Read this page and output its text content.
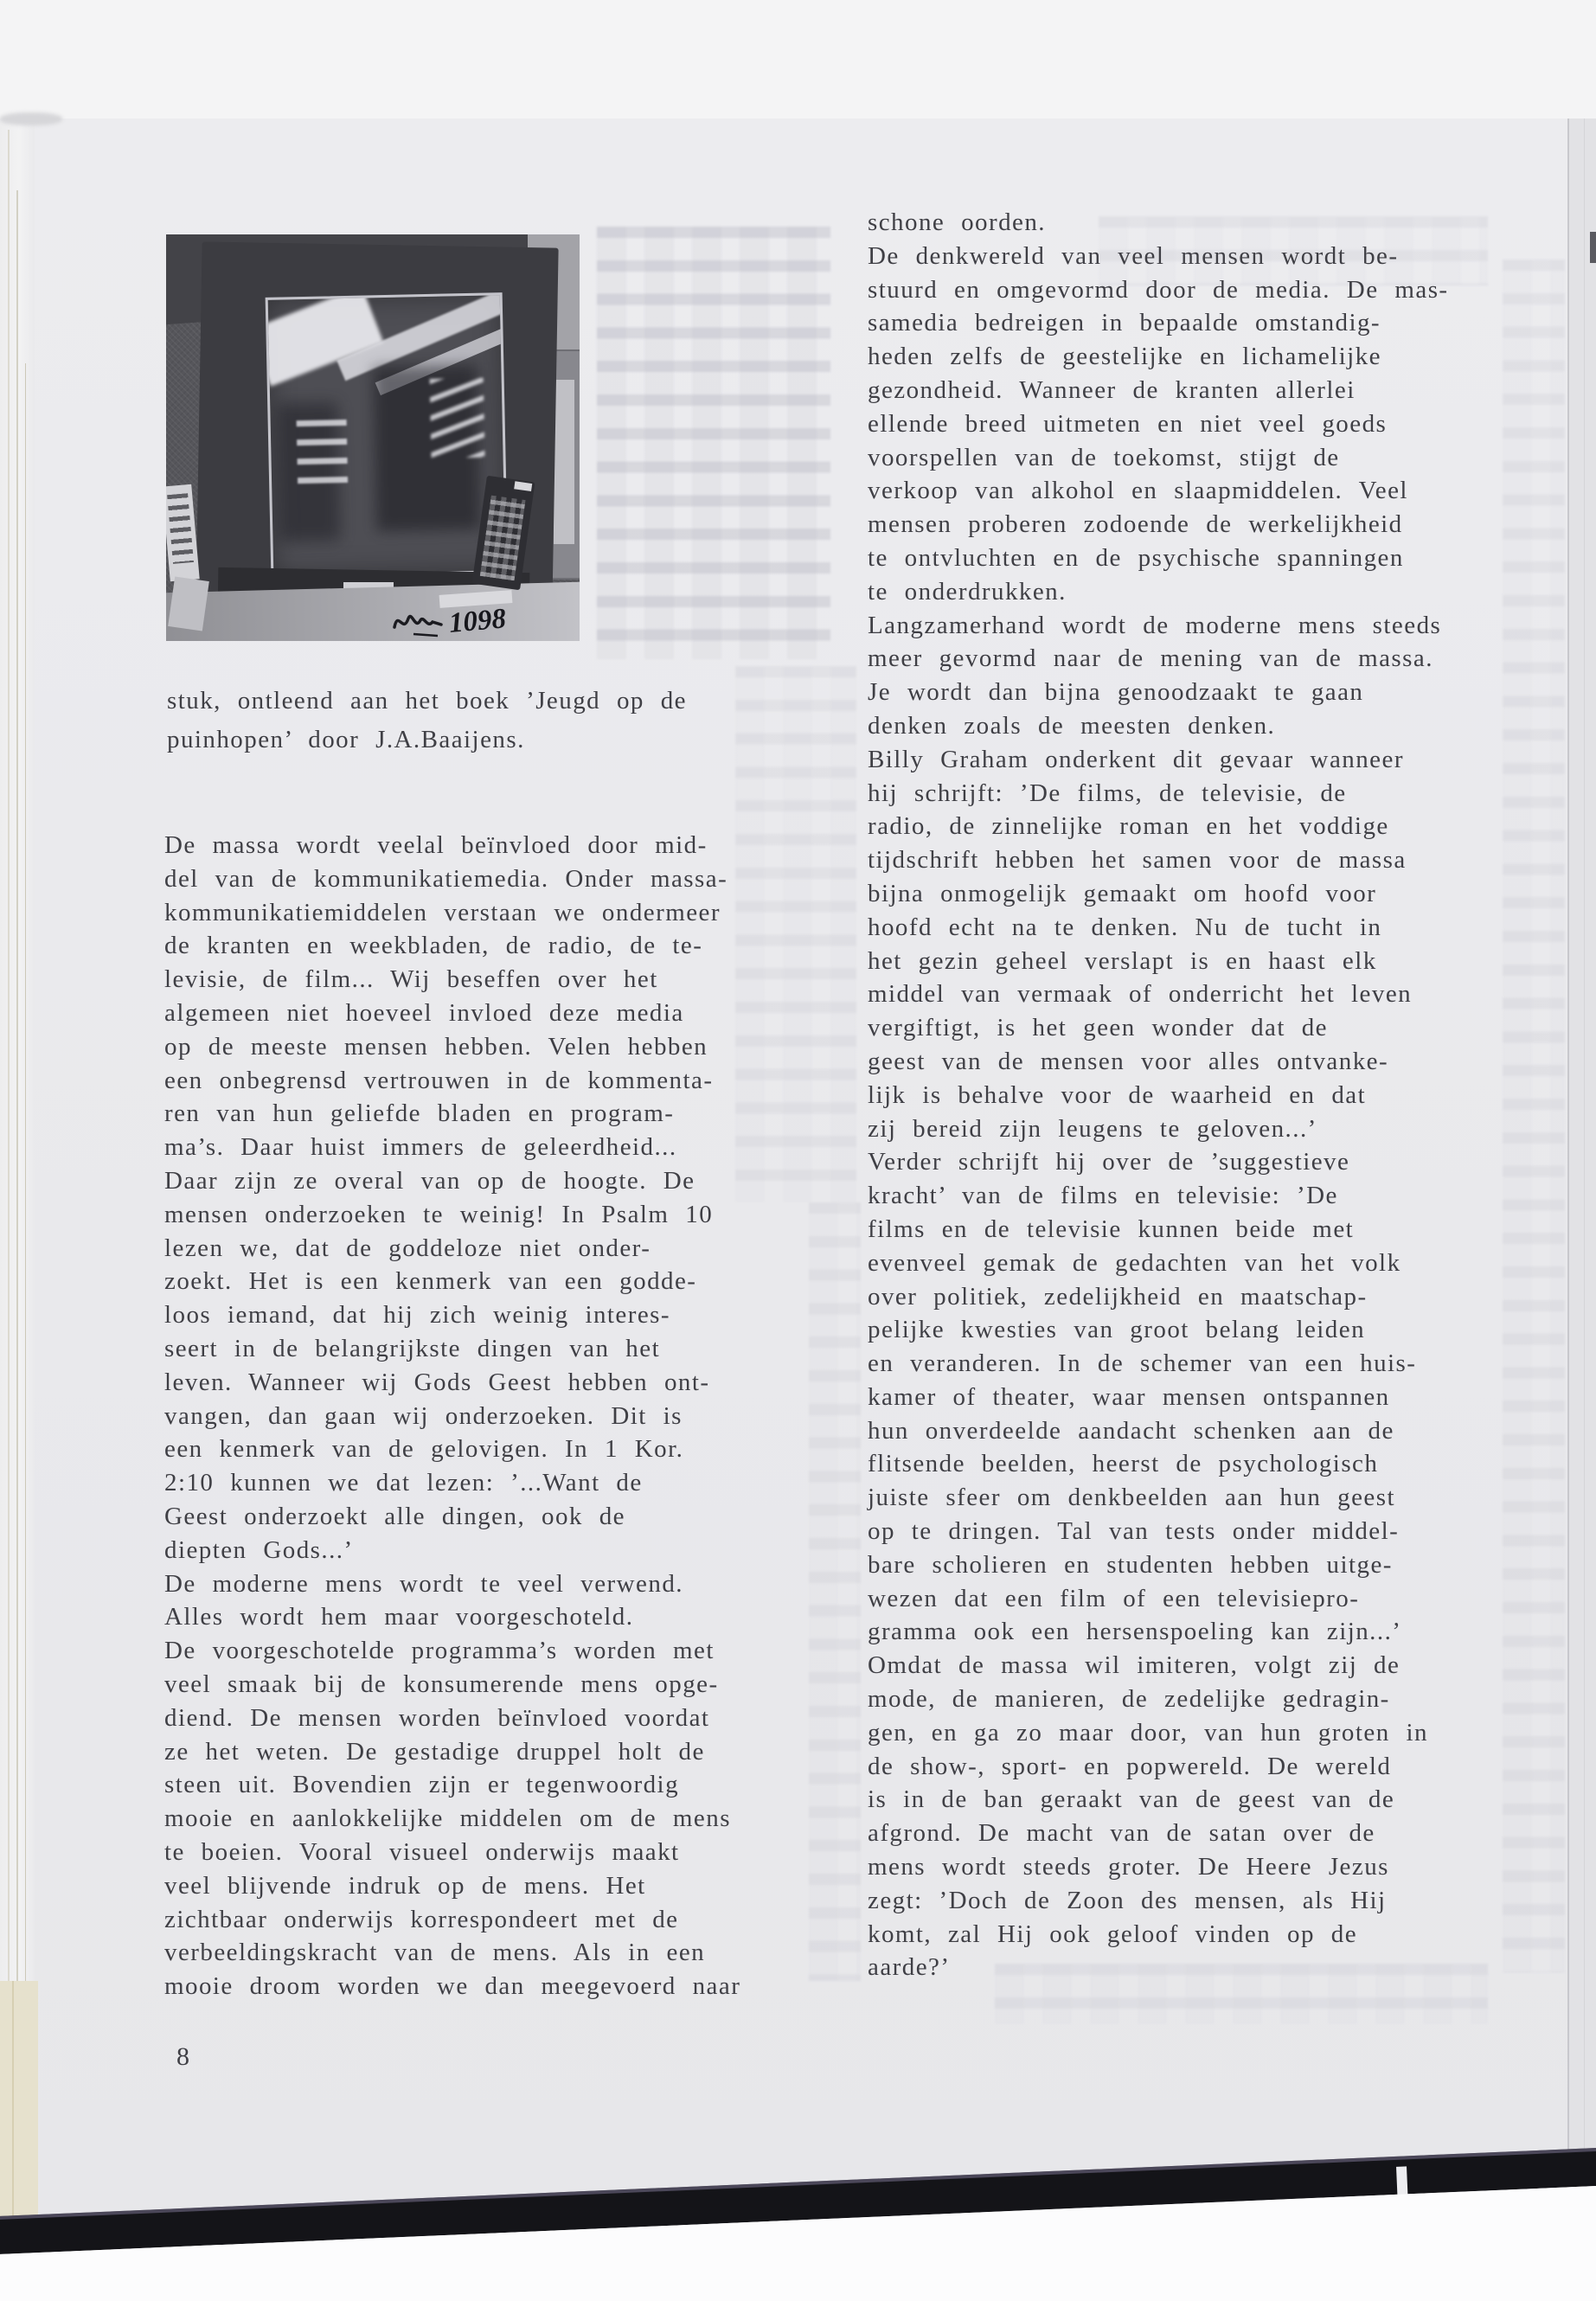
1098
stuk, ontleend aan het boek ’Jeugd op de
puinhopen’ door J.A.Baaijens.
De massa wordt veelal beïnvloed door mid-
del van de kommunikatiemedia. Onder massa-
kommunikatiemiddelen verstaan we ondermeer
de kranten en weekbladen, de radio, de te-
levisie, de film... Wij beseffen over het
algemeen niet hoeveel invloed deze media
op de meeste mensen hebben. Velen hebben
een onbegrensd vertrouwen in de kommenta-
ren van hun geliefde bladen en program-
ma’s. Daar huist immers de geleerdheid...
Daar zijn ze overal van op de hoogte. De
mensen onderzoeken te weinig! In Psalm 10
lezen we, dat de goddeloze niet onder-
zoekt. Het is een kenmerk van een godde-
loos iemand, dat hij zich weinig interes-
seert in de belangrijkste dingen van het
leven. Wanneer wij Gods Geest hebben ont-
vangen, dan gaan wij onderzoeken. Dit is
een kenmerk van de gelovigen. In 1 Kor.
2:10 kunnen we dat lezen: ’...Want de
Geest onderzoekt alle dingen, ook de
diepten Gods...’
De moderne mens wordt te veel verwend.
Alles wordt hem maar voorgeschoteld.
De voorgeschotelde programma’s worden met
veel smaak bij de konsumerende mens opge-
diend. De mensen worden beïnvloed voordat
ze het weten. De gestadige druppel holt de
steen uit. Bovendien zijn er tegenwoordig
mooie en aanlokkelijke middelen om de mens
te boeien. Vooral visueel onderwijs maakt
veel blijvende indruk op de mens. Het
zichtbaar onderwijs korrespondeert met de
verbeeldingskracht van de mens. Als in een
mooie droom worden we dan meegevoerd naar
schone oorden.
De denkwereld van veel mensen wordt be-
stuurd en omgevormd door de media. De mas-
samedia bedreigen in bepaalde omstandig-
heden zelfs de geestelijke en lichamelijke
gezondheid. Wanneer de kranten allerlei
ellende breed uitmeten en niet veel goeds
voorspellen van de toekomst, stijgt de
verkoop van alkohol en slaapmiddelen. Veel
mensen proberen zodoende de werkelijkheid
te ontvluchten en de psychische spanningen
te onderdrukken.
Langzamerhand wordt de moderne mens steeds
meer gevormd naar de mening van de massa.
Je wordt dan bijna genoodzaakt te gaan
denken zoals de meesten denken.
Billy Graham onderkent dit gevaar wanneer
hij schrijft: ’De films, de televisie, de
radio, de zinnelijke roman en het voddige
tijdschrift hebben het samen voor de massa
bijna onmogelijk gemaakt om hoofd voor
hoofd echt na te denken. Nu de tucht in
het gezin geheel verslapt is en haast elk
middel van vermaak of onderricht het leven
vergiftigt, is het geen wonder dat de
geest van de mensen voor alles ontvanke-
lijk is behalve voor de waarheid en dat
zij bereid zijn leugens te geloven...’
Verder schrijft hij over de ’suggestieve
kracht’ van de films en televisie: ’De
films en de televisie kunnen beide met
evenveel gemak de gedachten van het volk
over politiek, zedelijkheid en maatschap-
pelijke kwesties van groot belang leiden
en veranderen. In de schemer van een huis-
kamer of theater, waar mensen ontspannen
hun onverdeelde aandacht schenken aan de
flitsende beelden, heerst de psychologisch
juiste sfeer om denkbeelden aan hun geest
op te dringen. Tal van tests onder middel-
bare scholieren en studenten hebben uitge-
wezen dat een film of een televisiepro-
gramma ook een hersenspoeling kan zijn...’
Omdat de massa wil imiteren, volgt zij de
mode, de manieren, de zedelijke gedragin-
gen, en ga zo maar door, van hun groten in
de show-, sport- en popwereld. De wereld
is in de ban geraakt van de geest van de
afgrond. De macht van de satan over de
mens wordt steeds groter. De Heere Jezus
zegt: ’Doch de Zoon des mensen, als Hij
komt, zal Hij ook geloof vinden op de
aarde?’
8
